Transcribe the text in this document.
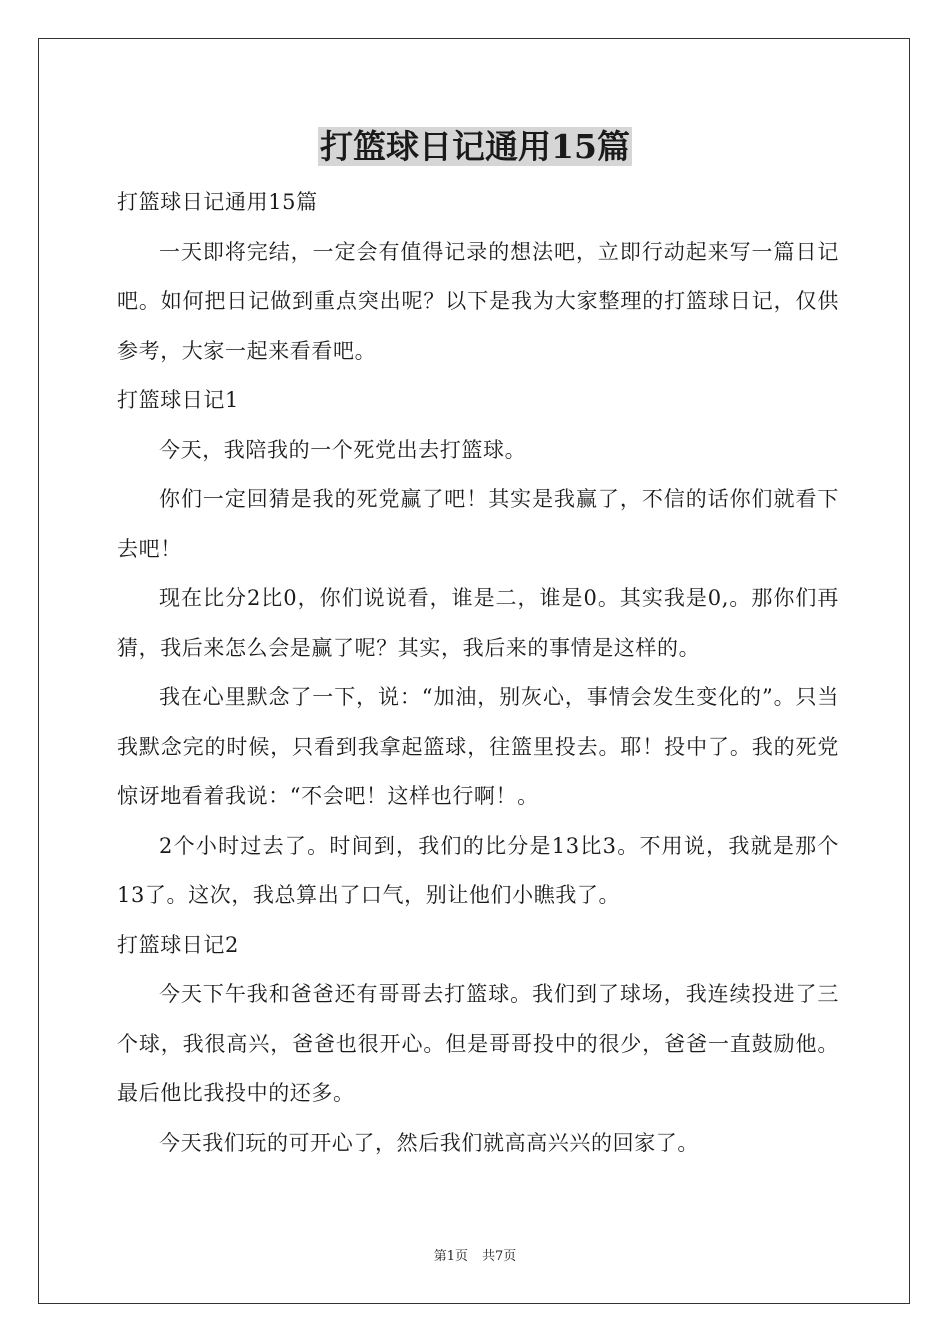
打篮球日记通用15篇

打篮球日记通用15篇

一天即将完结，一定会有值得记录的想法吧，立即行动起来写一篇日记吧。如何把日记做到重点突出呢？以下是我为大家整理的打篮球日记，仅供参考，大家一起来看看吧。

打篮球日记1

今天，我陪我的一个死党出去打篮球。

你们一定回猜是我的死党赢了吧！其实是我赢了，不信的话你们就看下去吧！

现在比分2比0，你们说说看，谁是二，谁是0。其实我是0,。那你们再猜，我后来怎么会是赢了呢？其实，我后来的事情是这样的。

我在心里默念了一下，说：“加油，别灰心，事情会发生变化的”。只当我默念完的时候，只看到我拿起篮球，往篮里投去。耶！投中了。我的死党惊讶地看着我说：“不会吧！这样也行啊！。

2个小时过去了。时间到，我们的比分是13比3。不用说，我就是那个13了。这次，我总算出了口气，别让他们小瞧我了。

打篮球日记2

今天下午我和爸爸还有哥哥去打篮球。我们到了球场，我连续投进了三个球，我很高兴，爸爸也很开心。但是哥哥投中的很少，爸爸一直鼓励他。最后他比我投中的还多。

今天我们玩的可开心了，然后我们就高高兴兴的回家了。

第1页 共7页
